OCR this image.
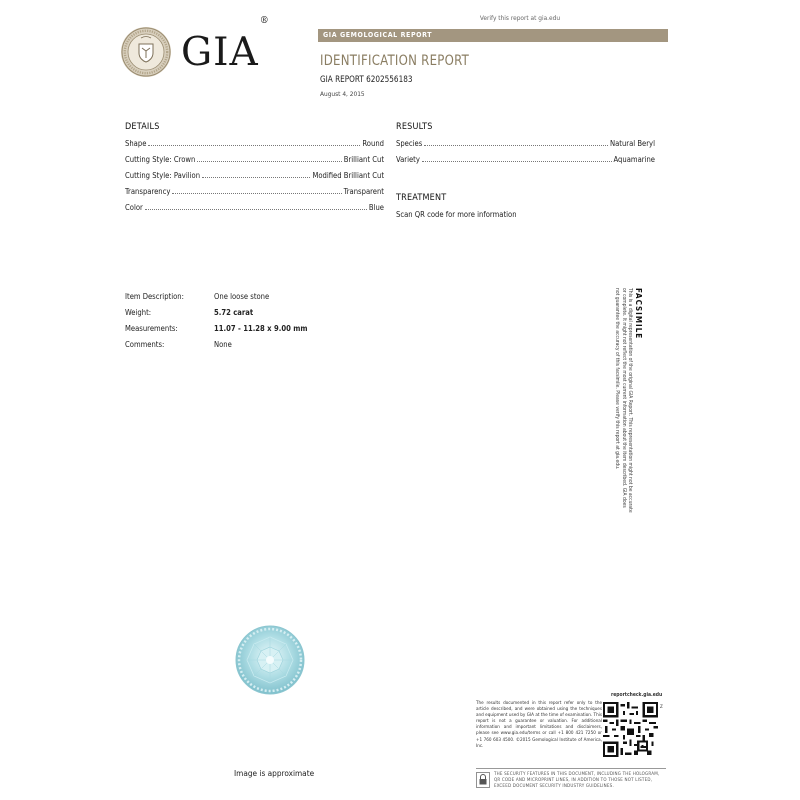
Verify this report at gia.edu
GIA®
GIA GEMOLOGICAL REPORT
IDENTIFICATION REPORT
GIA REPORT 6202556183
August 4, 2015
DETAILS
Shape	Round
Cutting Style: Crown	Brilliant Cut
Cutting Style: Pavilion	Modified Brilliant Cut
Transparency	Transparent
Color	Blue
RESULTS
Species	Natural Beryl
Variety	Aquamarine
TREATMENT
Scan QR code for more information
Item Description:	One loose stone
Weight:	5.72 carat
Measurements:	11.07 - 11.28 x 9.00 mm
Comments:	None
FACSIMILE
This is a digital representation of the original GIA Report. This representation might not be accurate or complete. It might not reflect the most current information about the item described. GIA does not guarantee the accuracy of this facsimile. Please verify this report at gia.edu.
Image is approximate
The results documented in this report refer only to the article described, and were obtained using the techniques and equipment used by GIA at the time of examination. This report is not a guarantee or valuation. For additional information and important limitations and disclaimers, please see www.gia.edu/terms or call +1 800 421 7250 or +1 760 603 4500. ©2015 Gemological Institute of America, Inc.
reportcheck.gia.edu
Z
THE SECURITY FEATURES IN THIS DOCUMENT, INCLUDING THE HOLOGRAM, QR CODE AND MICROPRINT LINES, IN ADDITION TO THOSE NOT LISTED, EXCEED DOCUMENT SECURITY INDUSTRY GUIDELINES.
